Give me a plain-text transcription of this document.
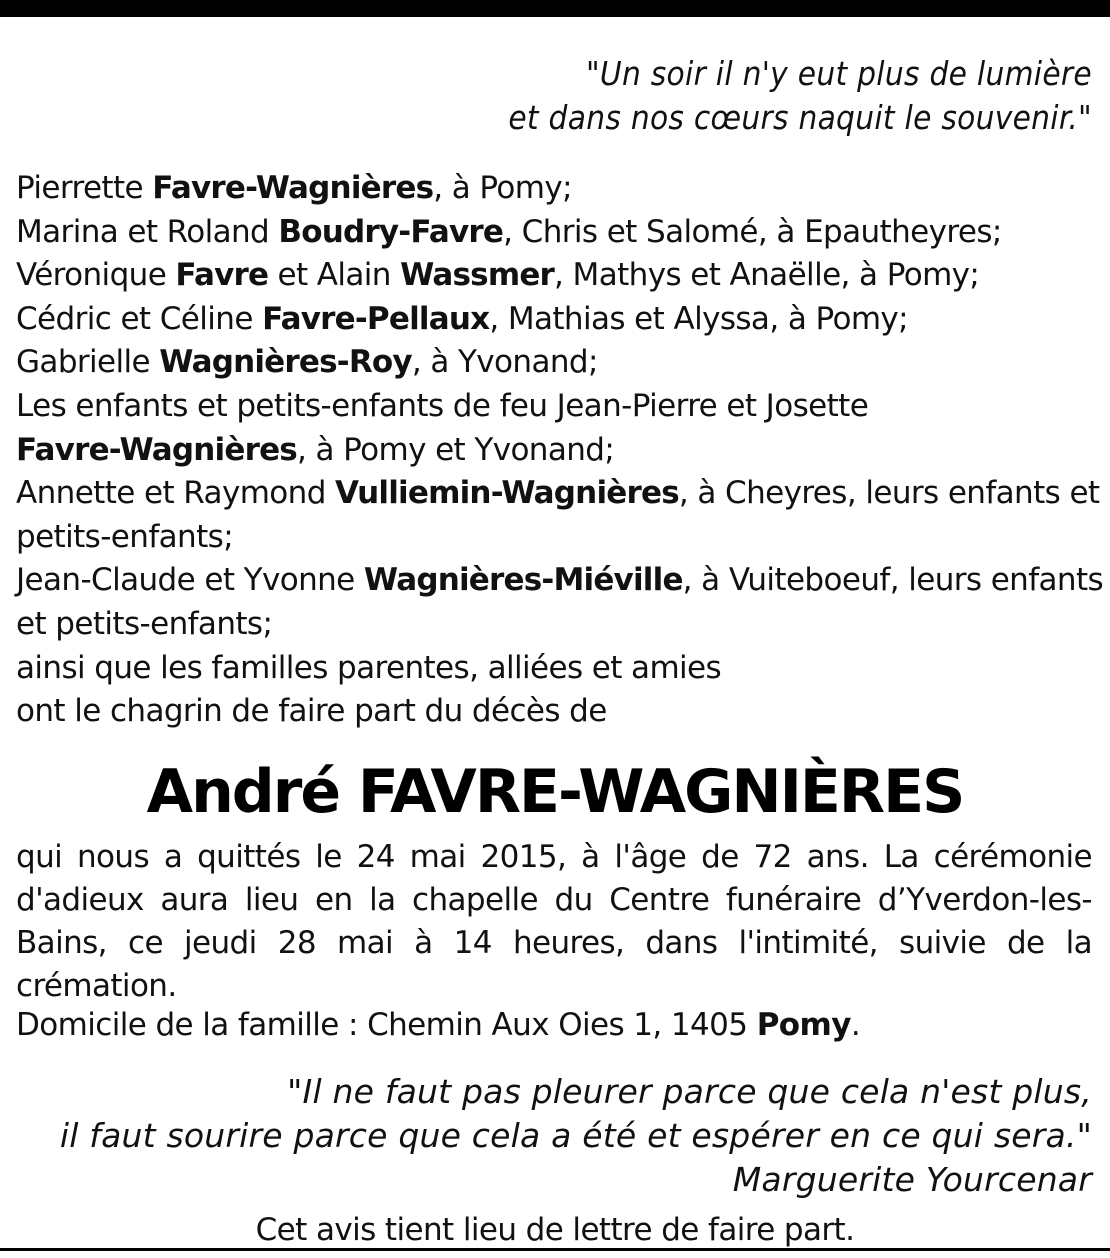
"Un soir il n'y eut plus de lumière
et dans nos cœurs naquit le souvenir."
Pierrette Favre-Wagnières, à Pomy;
Marina et Roland Boudry-Favre, Chris et Salomé, à Epautheyres;
Véronique Favre et Alain Wassmer, Mathys et Anaëlle, à Pomy;
Cédric et Céline Favre-Pellaux, Mathias et Alyssa, à Pomy;
Gabrielle Wagnières-Roy, à Yvonand;
Les enfants et petits-enfants de feu Jean-Pierre et Josette
Favre-Wagnières, à Pomy et Yvonand;
Annette et Raymond Vulliemin-Wagnières, à Cheyres, leurs enfants et
petits-enfants;
Jean-Claude et Yvonne Wagnières-Miéville, à Vuiteboeuf, leurs enfants
et petits-enfants;
ainsi que les familles parentes, alliées et amies
ont le chagrin de faire part du décès de
André FAVRE-WAGNIÈRES
qui nous a quittés le 24 mai 2015, à l'âge de 72 ans. La cérémonie d'adieux aura lieu en la chapelle du Centre funéraire d’Yverdon-les-Bains, ce jeudi 28 mai à 14 heures, dans l'intimité, suivie de la crémation.
Domicile de la famille : Chemin Aux Oies 1, 1405 Pomy.
"Il ne faut pas pleurer parce que cela n'est plus,
il faut sourire parce que cela a été et espérer en ce qui sera."
Marguerite Yourcenar
Cet avis tient lieu de lettre de faire part.
